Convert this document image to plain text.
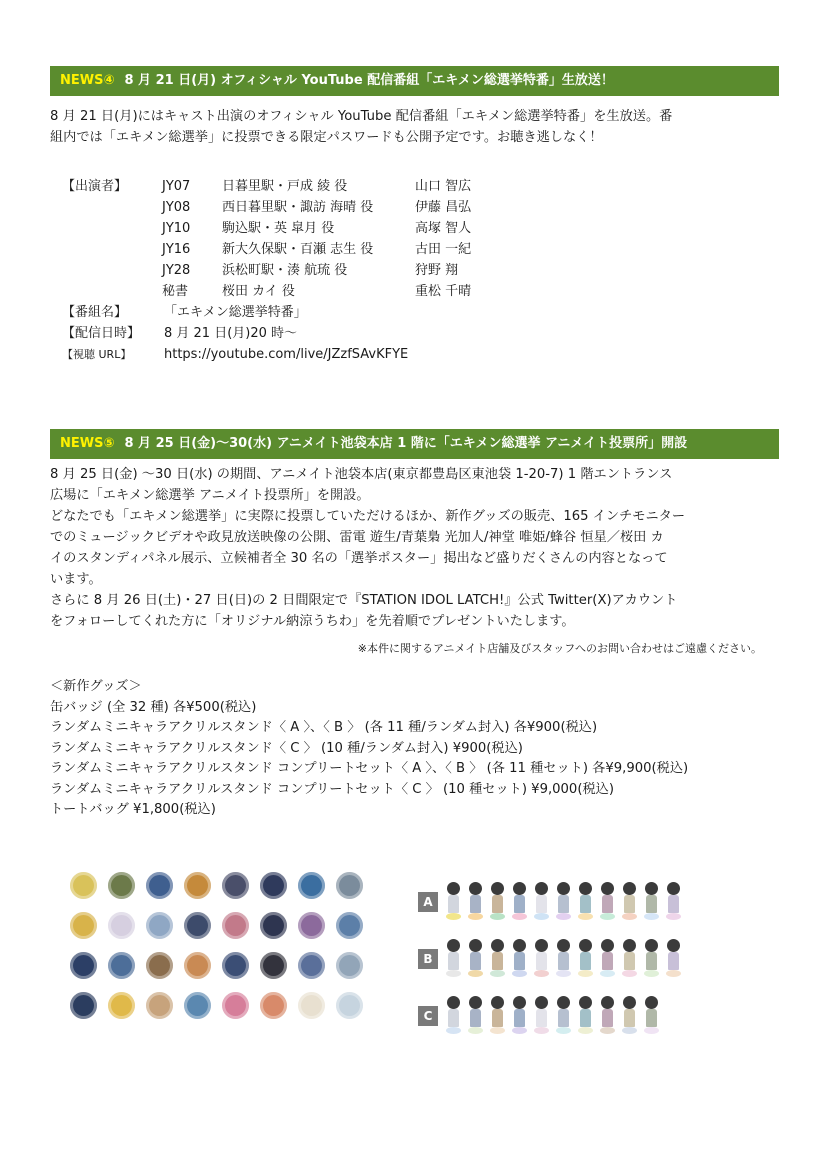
NEWS④ 8 月 21 日(月) オフィシャル YouTube 配信番組「エキメン総選挙特番」生放送！

8 月 21 日(月)にはキャスト出演のオフィシャル YouTube 配信番組「エキメン総選挙特番」を生放送。番

組内では「エキメン総選挙」に投票できる限定パスワードも公開予定です。お聴き逃しなく！

【出演者】	JY07	日暮里駅・戸成 綾 役	山口 智広
JY08	西日暮里駅・諏訪 海晴 役	伊藤 昌弘
JY10	駒込駅・英 皐月 役	高塚 智人
JY16	新大久保駅・百瀬 志生 役	古田 一紀
JY28	浜松町駅・湊 航琉 役	狩野 翔
秘書	桜田 カイ 役	重松 千晴
【番組名】	「エキメン総選挙特番」
【配信日時】	8 月 21 日(月)20 時～
【視聴 URL】	https://youtube.com/live/JZzfSAvKFYE
NEWS⑤ 8 月 25 日(金)～30(水) アニメイト池袋本店 1 階に「エキメン総選挙 アニメイト投票所」開設

8 月 25 日(金) ～30 日(水) の期間、アニメイト池袋本店(東京都豊島区東池袋 1-20-7) 1 階エントランス

広場に「エキメン総選挙 アニメイト投票所」を開設。

どなたでも「エキメン総選挙」に実際に投票していただけるほか、新作グッズの販売、165 インチモニター

でのミュージックビデオや政見放送映像の公開、雷電 遊生/青葉梟 光加人/神堂 唯姫/蜂谷 恒星／桜田 カ

イのスタンディパネル展示、立候補者全 30 名の「選挙ポスター」掲出など盛りだくさんの内容となって

います。

さらに 8 月 26 日(土)・27 日(日)の 2 日間限定で『STATION IDOL LATCH!』公式 Twitter(X)アカウント

をフォローしてくれた方に「オリジナル納涼うちわ」を先着順でプレゼントいたします。

※本件に関するアニメイト店舗及びスタッフへのお問い合わせはご遠慮ください。
＜新作グッズ＞
缶バッジ (全 32 種) 各¥500(税込)
ランダムミニキャラアクリルスタンド〈 A 〉、〈 B 〉 (各 11 種/ランダム封入) 各¥900(税込)
ランダムミニキャラアクリルスタンド〈 C 〉 (10 種/ランダム封入) ¥900(税込)
ランダムミニキャラアクリルスタンド コンプリートセット〈 A 〉、〈 B 〉 (各 11 種セット) 各¥9,900(税込)
ランダムミニキャラアクリルスタンド コンプリートセット〈 C 〉 (10 種セット) ¥9,000(税込)
トートバッグ ¥1,800(税込)
A
B
C
